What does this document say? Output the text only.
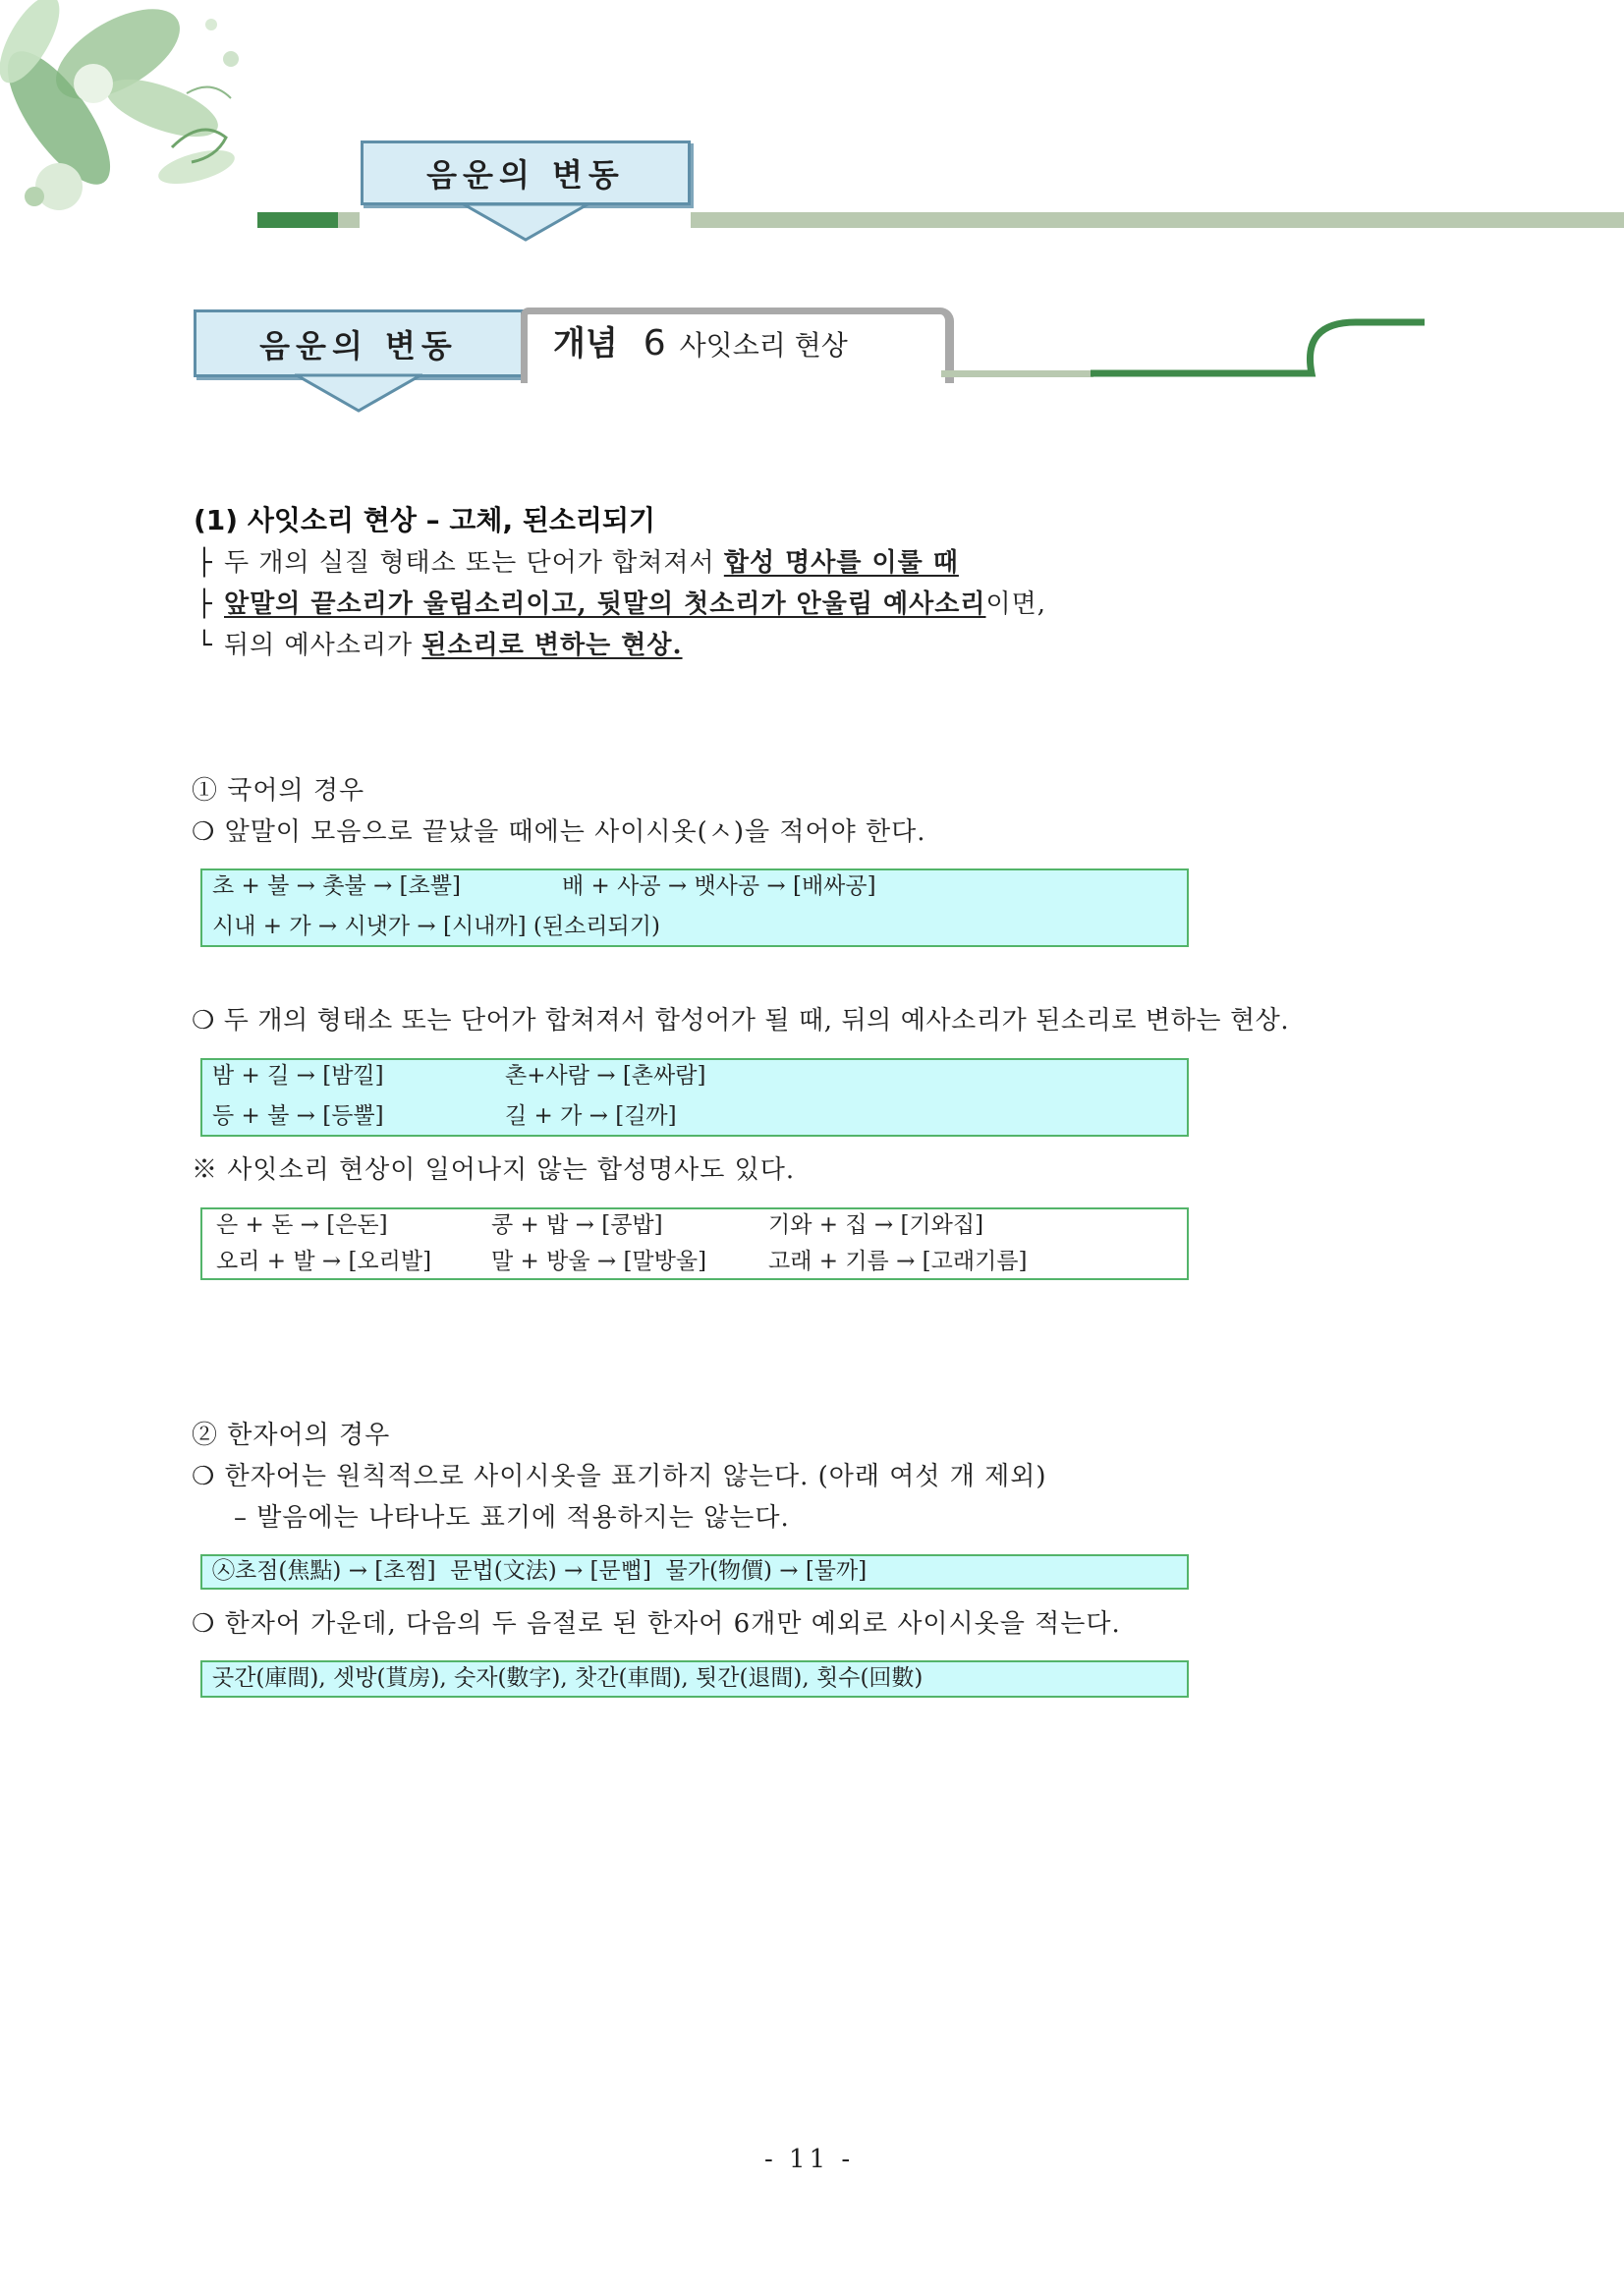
음운의 변동
음운의 변동	개념 6 사잇소리 현상
(1) 사잇소리 현상 – 고체, 된소리되기
├ 두 개의 실질 형태소 또는 단어가 합쳐져서 합성 명사를 이룰 때
├ 앞말의 끝소리가 울림소리이고, 뒷말의 첫소리가 안울림 예사소리이면,
└ 뒤의 예사소리가 된소리로 변하는 현상.
① 국어의 경우
❍ 앞말이 모음으로 끝났을 때에는 사이시옷(ㅅ)을 적어야 한다.
초 + 불 → 촛불 → [초뿔]	배 + 사공 → 뱃사공 → [배싸공]
시내 + 가 → 시냇가 → [시내까] (된소리되기)
❍ 두 개의 형태소 또는 단어가 합쳐져서 합성어가 될 때, 뒤의 예사소리가 된소리로 변하는 현상.
밤 + 길 → [밤낄]	촌+사람 → [촌싸람]
등 + 불 → [등뿔]	길 + 가 → [길까]
※ 사잇소리 현상이 일어나지 않는 합성명사도 있다.
은 + 돈 → [은돈]	콩 + 밥 → [콩밥]	기와 + 집 → [기와집]
오리 + 발 → [오리발]	말 + 방울 → [말방울]	고래 + 기름 → [고래기름]
② 한자어의 경우
❍ 한자어는 원칙적으로 사이시옷을 표기하지 않는다. (아래 여섯 개 제외)
– 발음에는 나타나도 표기에 적용하지는 않는다.
㉦초점(焦點) → [초쩜]  문법(文法) → [문뻡]  물가(物價) → [물까]
❍ 한자어 가운데, 다음의 두 음절로 된 한자어 6개만 예외로 사이시옷을 적는다.
곳간(庫間), 셋방(貰房), 숫자(數字), 찻간(車間), 툇간(退間), 횟수(回數)
- 11 -
